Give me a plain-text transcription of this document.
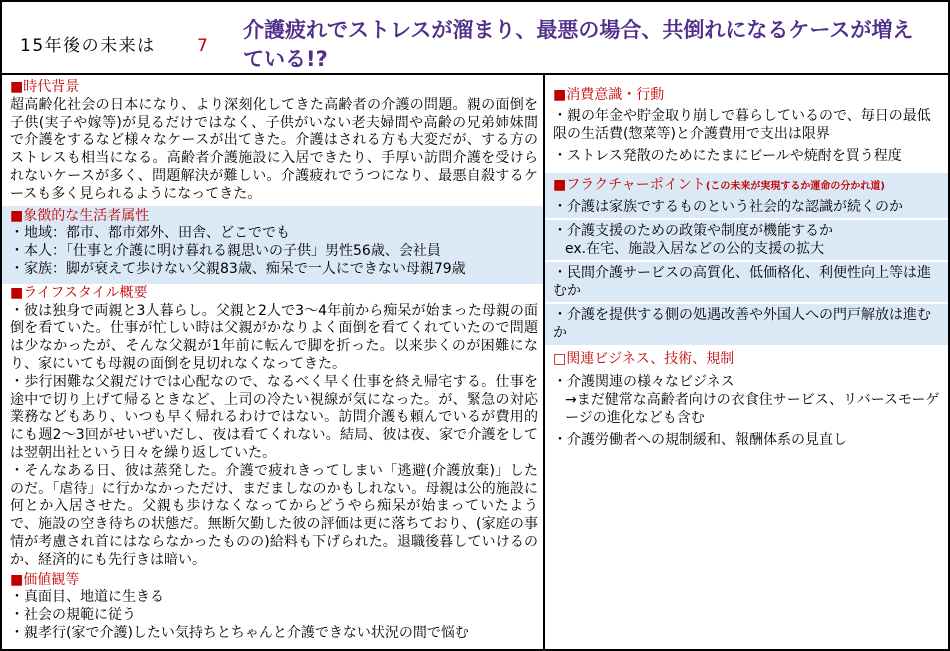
15年後の未来は 7
介護疲れでストレスが溜まり、最悪の場合、共倒れになるケースが増えている!?
■時代背景

超高齢化社会の日本になり、より深刻化してきた高齢者の介護の問題。親の面倒を子供(実子や嫁等)が見るだけではなく、子供がいない老夫婦間や高齢の兄弟姉妹間で介護をするなど様々なケースが出てきた。介護はされる方も大変だが、する方のストレスも相当になる。高齢者介護施設に入居できたり、手厚い訪問介護を受けられないケースが多く、問題解決が難しい。介護疲れでうつになり、最悪自殺するケースも多く見られるようになってきた。

■象徴的な生活者属性
・地域：都市、都市郊外、田舎、どこででも
・本人：「仕事と介護に明け暮れる親思いの子供」男性56歳、会社員
・家族：脚が衰えて歩けない父親83歳、痴呆で一人にできない母親79歳
■ライフスタイル概要

・彼は独身で両親と3人暮らし。父親と2人で3～4年前から痴呆が始まった母親の面倒を看ていた。仕事が忙しい時は父親がかなりよく面倒を看てくれていたので問題は少なかったが、そんな父親が1年前に転んで脚を折った。以来歩くのが困難になり、家にいても母親の面倒を見切れなくなってきた。

・歩行困難な父親だけでは心配なので、なるべく早く仕事を終え帰宅する。仕事を途中で切り上げて帰るときなど、上司の冷たい視線が気になった。が、緊急の対応業務などもあり、いつも早く帰れるわけではない。訪問介護も頼んでいるが費用的にも週2～3回がせいぜいだし、夜は看てくれない。結局、彼は夜、家で介護をしては翌朝出社という日々を繰り返していた。

・そんなある日、彼は蒸発した。介護で疲れきってしまい「逃避(介護放棄)」したのだ。「虐待」に行かなかっただけ、まだましなのかもしれない。母親は公的施設に何とか入居させた。父親も歩けなくなってからどうやら痴呆が始まっていたようで、施設の空き待ちの状態だ。無断欠勤した彼の評価は更に落ちており、(家庭の事情が考慮され首にはならなかったものの)給料も下げられた。退職後暮していけるのか、経済的にも先行きは暗い。

■価値観等
・真面目、地道に生きる
・社会の規範に従う
・親孝行(家で介護)したい気持ちとちゃんと介護できない状況の間で悩む
■消費意識・行動
・親の年金や貯金取り崩しで暮らしているので、毎日の最低限の生活費(惣菜等)と介護費用で支出は限界
・ストレス発散のためにたまにビールや焼酎を買う程度
■フラクチャーポイント(この未来が実現するか運命の分かれ道)
・介護は家族でするものという社会的な認識が続くのか
・介護支援のための政策や制度が機能するか
ex.在宅、施設入居などの公的支援の拡大
・民間介護サービスの高質化、低価格化、利便性向上等は進むか
・介護を提供する側の処遇改善や外国人への門戸解放は進むか
□関連ビジネス、技術、規制
・介護関連の様々なビジネス
→まだ健常な高齢者向けの衣食住サービス、リバースモーゲージの進化なども含む
・介護労働者への規制緩和、報酬体系の見直し
